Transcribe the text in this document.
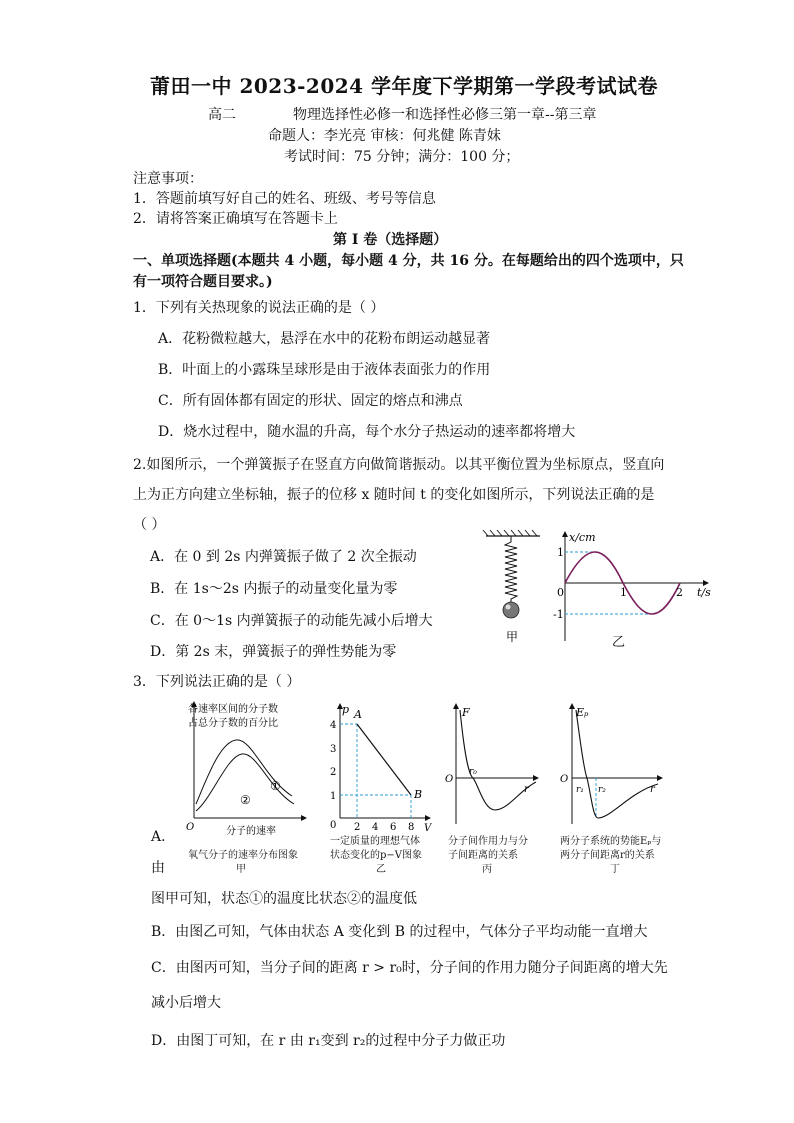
莆田一中 2023-2024 学年度下学期第一学段考试试卷
高二	物理选择性必修一和选择性必修三第一章--第三章
命题人：李光亮 审核：何兆健 陈青妹
考试时间：75 分钟；满分：100 分；
注意事项：
1．答题前填写好自己的姓名、班级、考号等信息
2．请将答案正确填写在答题卡上
第 I 卷（选择题）
一、单项选择题(本题共 4 小题，每小题 4 分，共 16 分。在每题给出的四个选项中，只
有一项符合题目要求。)
1．下列有关热现象的说法正确的是（ ）
A．花粉微粒越大，悬浮在水中的花粉布朗运动越显著
B．叶面上的小露珠呈球形是由于液体表面张力的作用
C．所有固体都有固定的形状、固定的熔点和沸点
D．烧水过程中，随水温的升高，每个水分子热运动的速率都将增大
2.如图所示，一个弹簧振子在竖直方向做简谐振动。以其平衡位置为坐标原点，竖直向
上为正方向建立坐标轴，振子的位移 x 随时间 t 的变化如图所示，下列说法正确的是
（ ）
A．在 0 到 2s 内弹簧振子做了 2 次全振动
B．在 1s～2s 内振子的动量变化量为零
C．在 0～1s 内弹簧振子的动能先减小后增大
D．第 2s 末，弹簧振子的弹性势能为零
甲
x/cm
t/s
1
-1
0	1	2
乙
3．下列说法正确的是（ ）
各速率区间的分子数
占总分子数的百分比
①
②
O	分子的速率
氧气分子的速率分布图象
甲
p
V
A
B
4
3
2
1
0 2 4 6 8
一定质量的理想气体
状态变化的p−V图象
乙
F
O
r₀
r
分子间作用力与分
子间距离的关系
丙
Eₚ
O
r₁ r₂	r
两分子系统的势能Eₚ与
两分子间距离r的关系
丁
A．
由
图甲可知，状态①的温度比状态②的温度低
B．由图乙可知，气体由状态 A 变化到 B 的过程中，气体分子平均动能一直增大
C．由图丙可知，当分子间的距离 r > r₀时，分子间的作用力随分子间距离的增大先
减小后增大
D．由图丁可知，在 r 由 r₁变到 r₂的过程中分子力做正功
